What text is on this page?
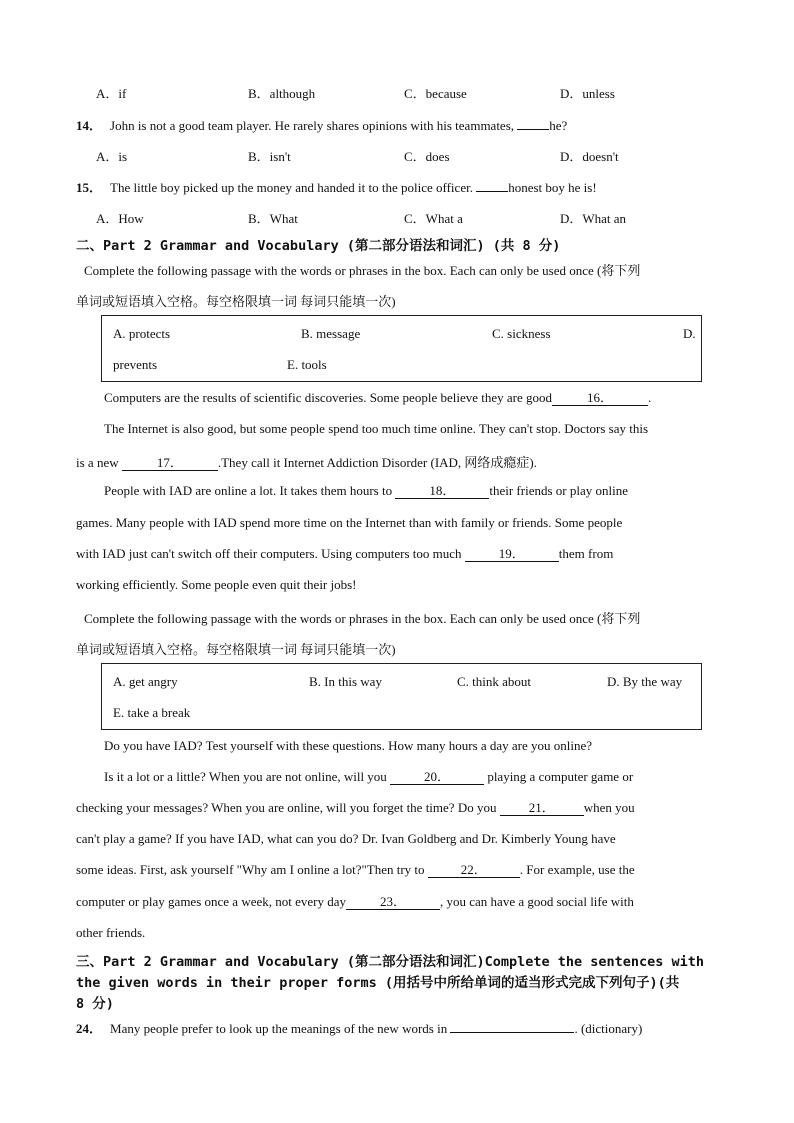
A．if	B．although	C．because	D．unless
14． John is not a good team player. He rarely shares opinions with his teammates, he?
A．is	B．isn't	C．does	D．doesn't
15． The little boy picked up the money and handed it to the police officer. honest boy he is!
A．How	B．What	C．What a	D．What an
二、Part 2 Grammar and Vocabulary (第二部分语法和词汇) (共 8 分)
Complete the following passage with the words or phrases in the box. Each can only be used once (将下列
单词或短语填入空格。每空格限填一词 每词只能填一次)
A. protects	B. message	C. sickness	D.
prevents	E. tools
Computers are the results of scientific discoveries. Some people believe they are good	16．	.
The Internet is also good, but some people spend too much time online. They can't stop. Doctors say this
is a new	17．	.They call it Internet Addiction Disorder (IAD, 网络成瘾症).
People with IAD are online a lot. It takes them hours to	18．	their friends or play online
games. Many people with IAD spend more time on the Internet than with family or friends. Some people
with IAD just can't switch off their computers. Using computers too much	19．	them from
working efficiently. Some people even quit their jobs!
Complete the following passage with the words or phrases in the box. Each can only be used once (将下列
单词或短语填入空格。每空格限填一词 每词只能填一次)
A. get angry	B. In this way	C. think about	D. By the way
E. take a break
Do you have IAD? Test yourself with these questions. How many hours a day are you online?
Is it a lot or a little? When you are not online, will you	20．	playing a computer game or
checking your messages? When you are online, will you forget the time? Do you 21． when you
can't play a game? If you have IAD, what can you do? Dr. Ivan Goldberg and Dr. Kimberly Young have
some ideas. First, ask yourself "Why am I online a lot?"Then try to	22．	. For example, use the
computer or play games once a week, not every day	23．	, you can have a good social life with
other friends.
三、Part 2 Grammar and Vocabulary (第二部分语法和词汇)Complete the sentences with
the given words in their proper forms (用括号中所给单词的适当形式完成下列句子)(共
8 分)
24． Many people prefer to look up the meanings of the new words in	. (dictionary)
